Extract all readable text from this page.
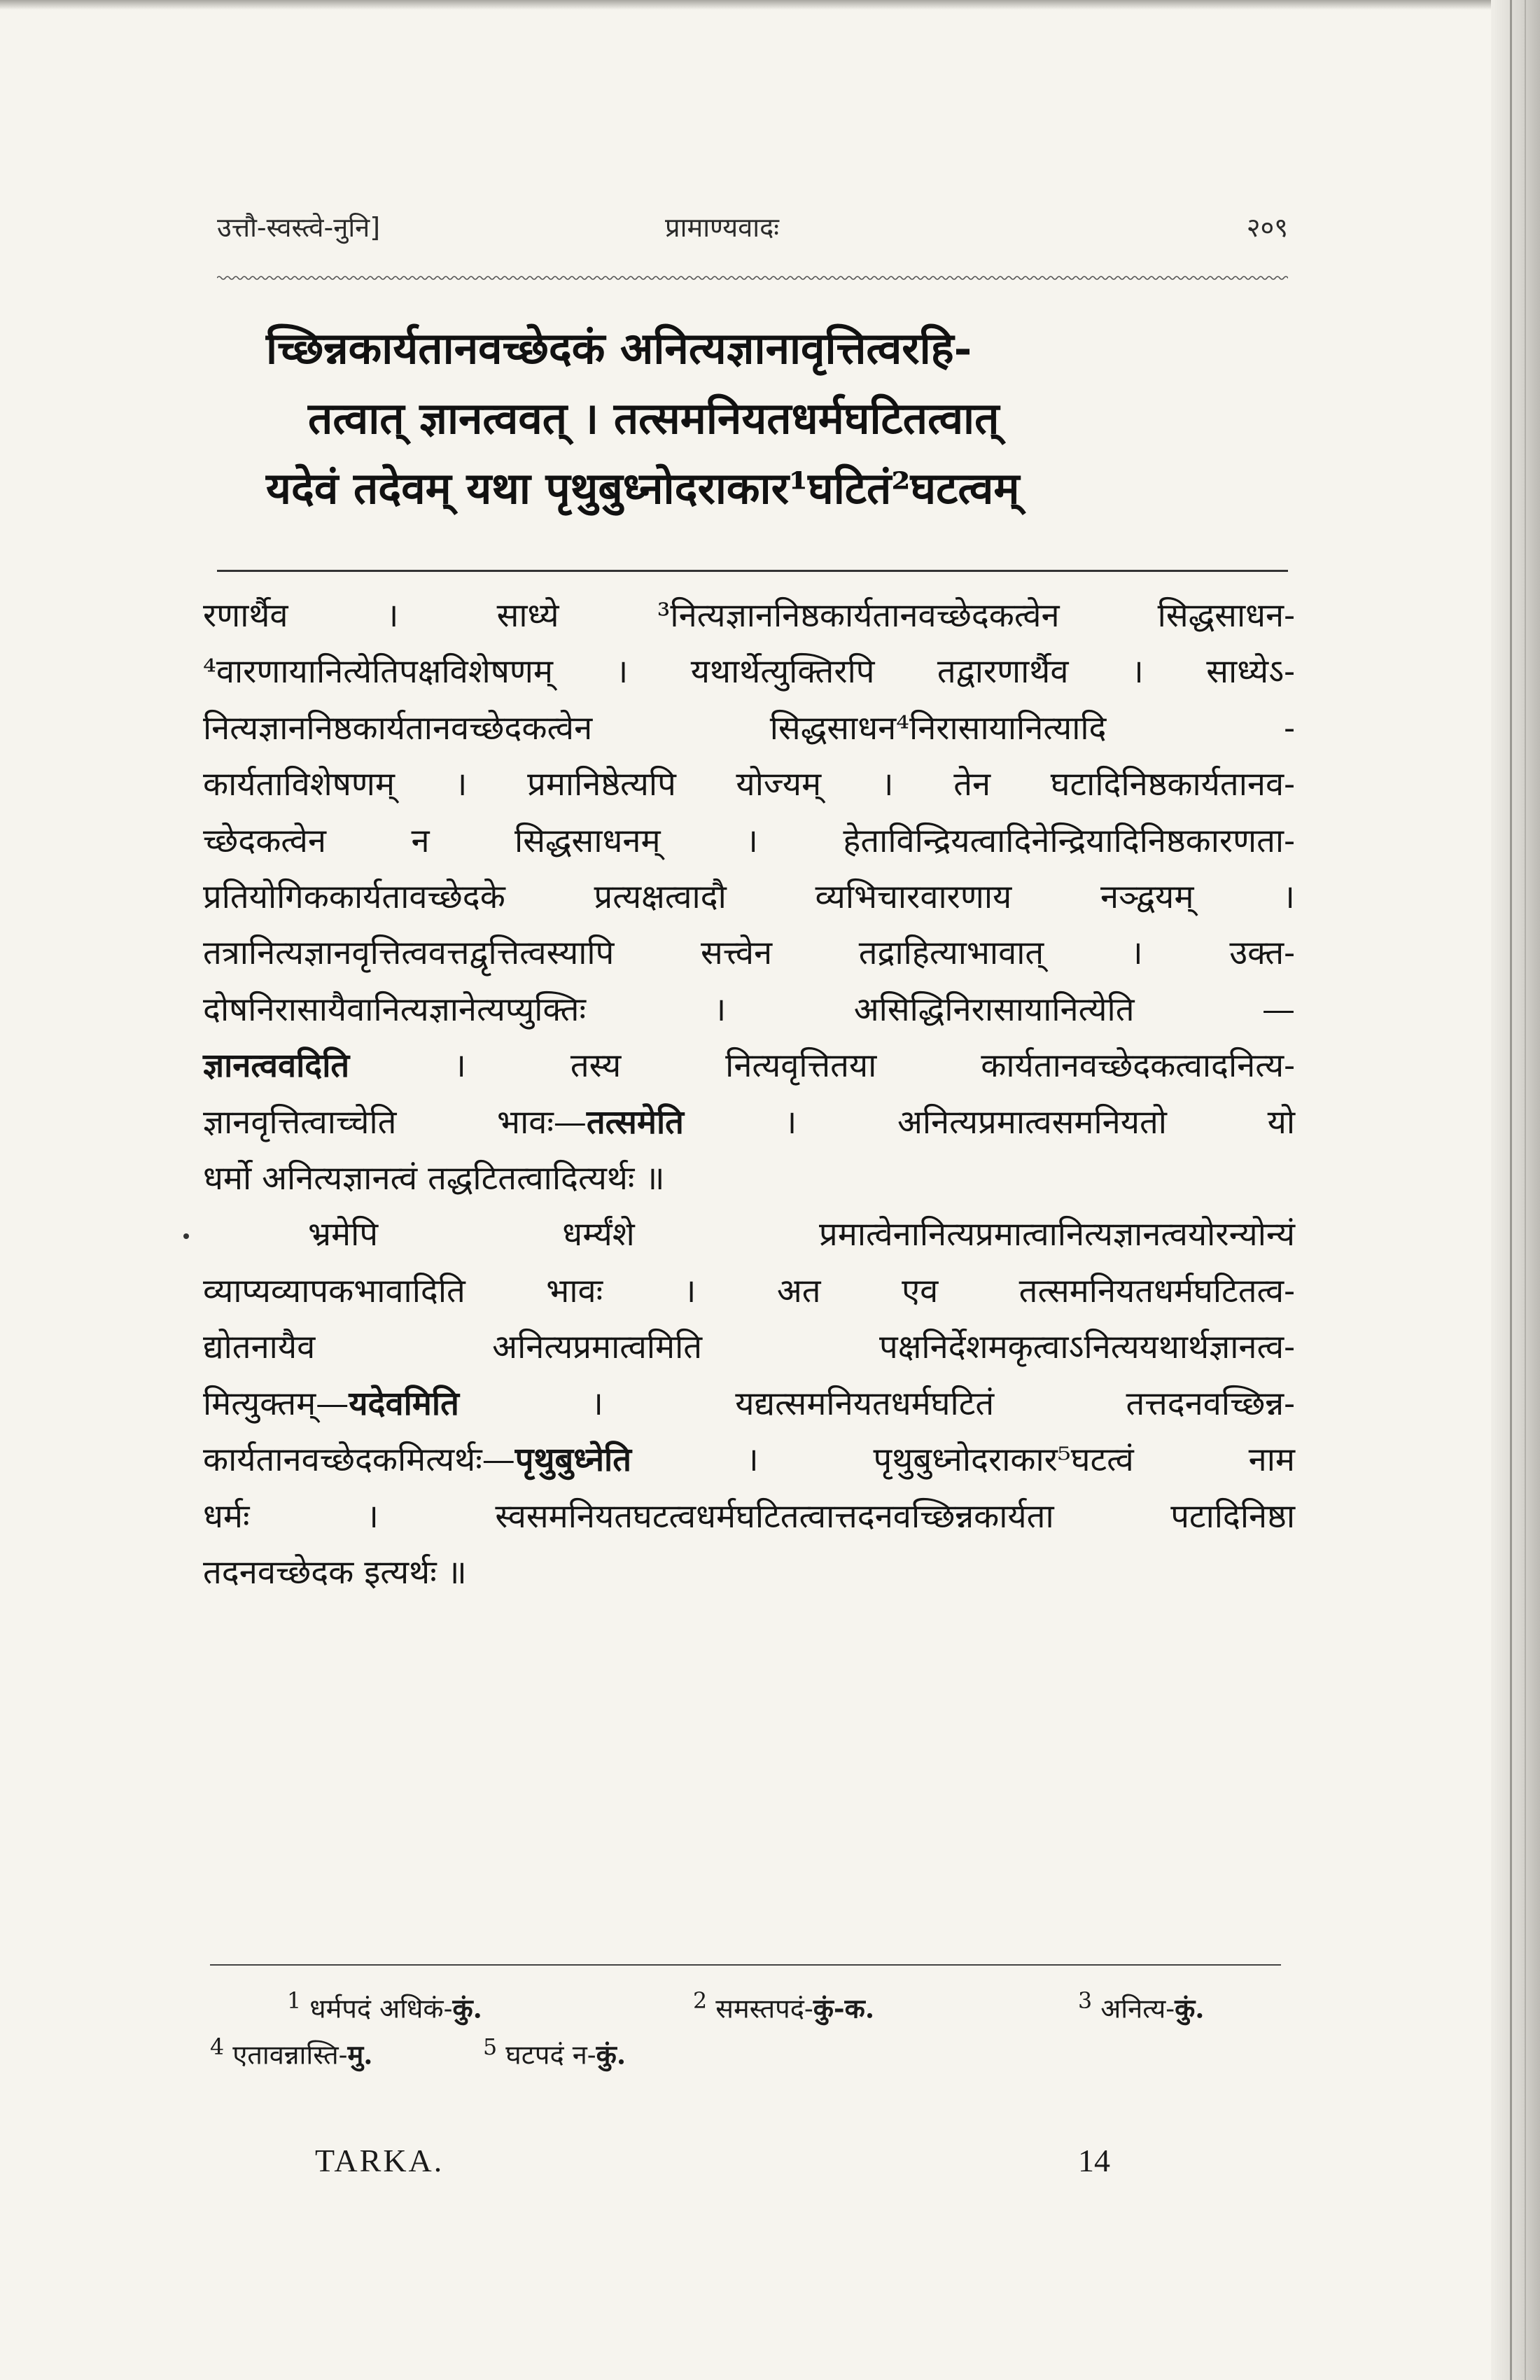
उत्तौ-स्वस्त्वे-नुनि]	प्रामाण्यवादः	२०९

च्छिन्नकार्यतानवच्छेदकं अनित्यज्ञानावृत्तित्वरहि-

तत्वात् ज्ञानत्ववत् । तत्समनियतधर्मघटितत्वात्

यदेवं तदेवम् यथा पृथुबुध्नोदराकार¹घटितं²घटत्वम्

रणार्थैव । साध्ये ³नित्यज्ञाननिष्ठकार्यतानवच्छेदकत्वेन सिद्धसाधन-

⁴वारणायानित्येतिपक्षविशेषणम् । यथार्थेत्युक्तिरपि तद्वारणार्थैव । साध्येऽ-

नित्यज्ञाननिष्ठकार्यतानवच्छेदकत्वेन सिद्धसाधन⁴निरासायानित्यादि -

कार्यताविशेषणम् । प्रमानिष्ठेत्यपि योज्यम् । तेन घटादिनिष्ठकार्यतानव-

च्छेदकत्वेन न सिद्धसाधनम् । हेताविन्द्रियत्वादिनेन्द्रियादिनिष्ठकारणता-

प्रतियोगिककार्यतावच्छेदके प्रत्यक्षत्वादौ व्यभिचारवारणाय नञ्द्वयम् ।

तत्रानित्यज्ञानवृत्तित्ववत्तद्वृत्तित्वस्यापि सत्त्वेन तद्राहित्याभावात् । उक्त-

दोषनिरासायैवानित्यज्ञानेत्यप्युक्तिः । असिद्धिनिरासायानित्येति —

ज्ञानत्ववदिति । तस्य नित्यवृत्तितया कार्यतानवच्छेदकत्वादनित्य-

ज्ञानवृत्तित्वाच्चेति भावः—तत्समेति । अनित्यप्रमात्वसमनियतो यो

धर्मो अनित्यज्ञानत्वं तद्धटितत्वादित्यर्थः ॥

भ्रमेपि धर्म्यंशे प्रमात्वेनानित्यप्रमात्वानित्यज्ञानत्वयोरन्योन्यं

व्याप्यव्यापकभावादिति भावः । अत एव तत्समनियतधर्मघटितत्व-

द्योतनायैव अनित्यप्रमात्वमिति पक्षनिर्देशमकृत्वाऽनित्ययथार्थज्ञानत्व-

मित्युक्तम्—यदेवमिति । यद्यत्समनियतधर्मघटितं तत्तदनवच्छिन्न-

कार्यतानवच्छेदकमित्यर्थः—पृथुबुध्नेति । पृथुबुध्नोदराकार⁵घटत्वं नाम

धर्मः । स्वसमनियतघटत्वधर्मघटितत्वात्तदनवच्छिन्नकार्यता पटादिनिष्ठा

तदनवच्छेदक इत्यर्थः ॥

$^1$ धर्मपदं अधिकं-कुं.	$^2$ समस्तपदं-कुं-क.	$^3$ अनित्य-कुं.
$^4$ एतावन्नास्ति-मु.	$^5$ घटपदं न-कुं.
TARKA.	14
